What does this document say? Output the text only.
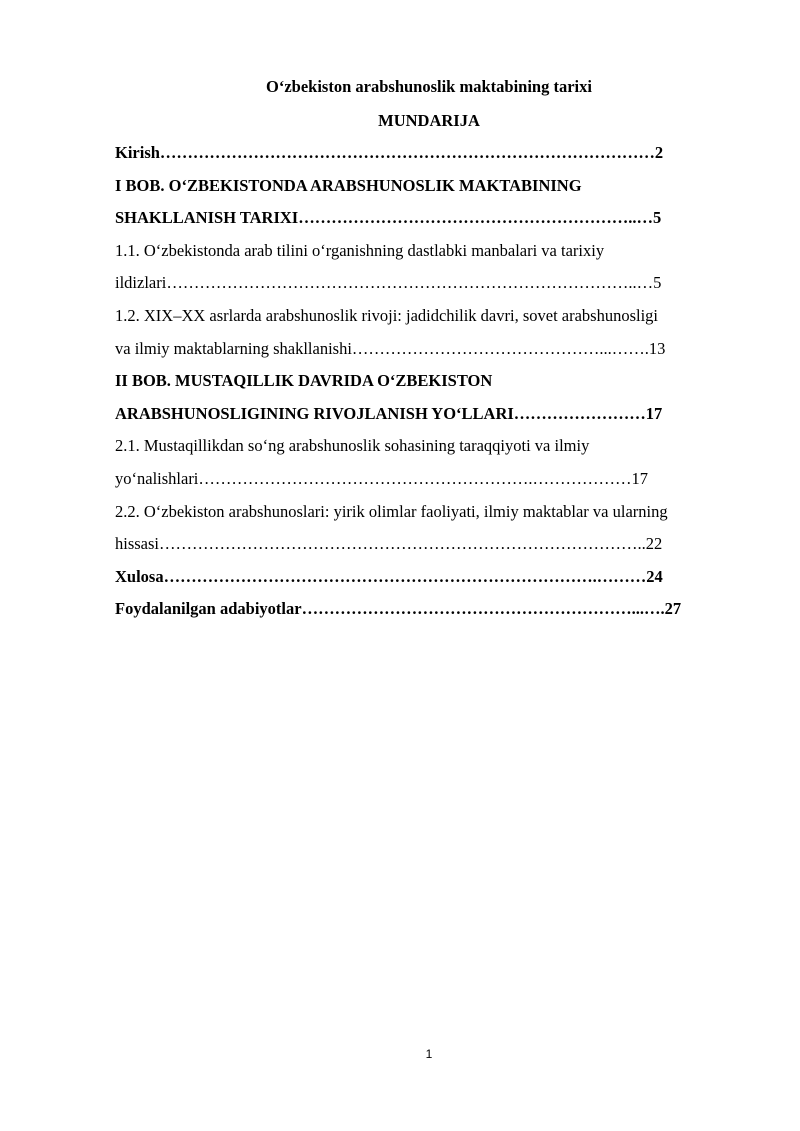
O‘zbekiston arabshunoslik maktabining tarixi
MUNDARIJA

Kirish………………………………………………………………………………2

I BOB. O‘ZBEKISTONDA ARABSHUNOSLIK MAKTABINING
SHAKLLANISH TARIXI……………………………………………………..…5

1.1. O‘zbekistonda arab tilini o‘rganishning dastlabki manbalari va tarixiy
ildizlari…………………………………………………………………………..…5

1.2. XIX–XX asrlarda arabshunoslik rivoji: jadidchilik davri, sovet arabshunosligi
va ilmiy maktablarning shakllanishi………………………………………...…….13

II BOB. MUSTAQILLIK DAVRIDA O‘ZBEKISTON
ARABSHUNOSLIGINING RIVOJLANISH YO‘LLARI……………………17

2.1. Mustaqillikdan so‘ng arabshunoslik sohasining taraqqiyoti va ilmiy
yo‘nalishlari…………………………………………………….………………17

2.2. O‘zbekiston arabshunoslari: yirik olimlar faoliyati, ilmiy maktablar va ularning
hissasi……………………………………………………………………………..22

Xulosa…………………………………………………………………….………24

Foydalanilgan adabiyotlar……………………………………………………...….27

1
